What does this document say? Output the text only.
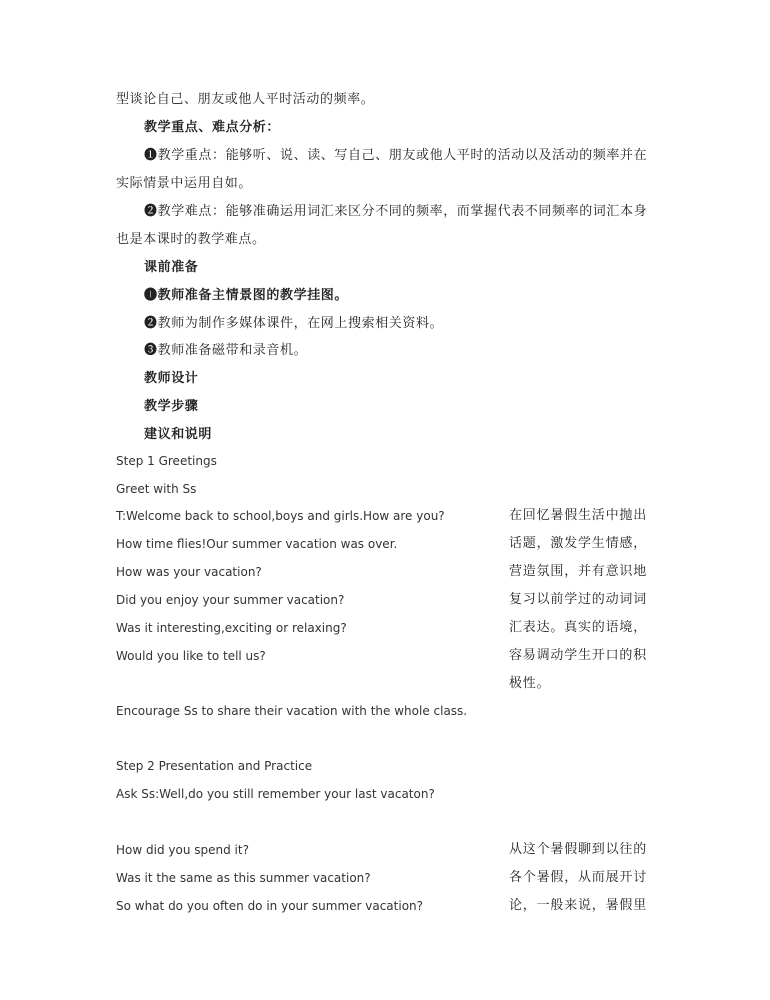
型谈论自己、朋友或他人平时活动的频率。
教学重点、难点分析：
❶教学重点：能够听、说、读、写自己、朋友或他人平时的活动以及活动的频率并在
实际情景中运用自如。
❷教学难点：能够准确运用词汇来区分不同的频率，而掌握代表不同频率的词汇本身
也是本课时的教学难点。
课前准备
❶教师准备主情景图的教学挂图。
❷教师为制作多媒体课件，在网上搜索相关资料。
❸教师准备磁带和录音机。
教师设计
教学步骤
建议和说明
Step 1 Greetings
Greet with Ss
T:Welcome back to school,boys and girls.How are you?
How time flies!Our summer vacation was over.
How was your vacation?
Did you enjoy your summer vacation?
Was it interesting,exciting or relaxing?
Would you like to tell us?
在回忆暑假生活中抛出
话题，激发学生情感，
营造氛围，并有意识地
复习以前学过的动词词
汇表达。真实的语境，
容易调动学生开口的积
极性。
Encourage Ss to share their vacation with the whole class.
Step 2 Presentation and Practice
Ask Ss:Well,do you still remember your last vacaton?
How did you spend it?
Was it the same as this summer vacation?
So what do you often do in your summer vacation?
从这个暑假聊到以往的
各个暑假，从而展开讨
论，一般来说，暑假里
